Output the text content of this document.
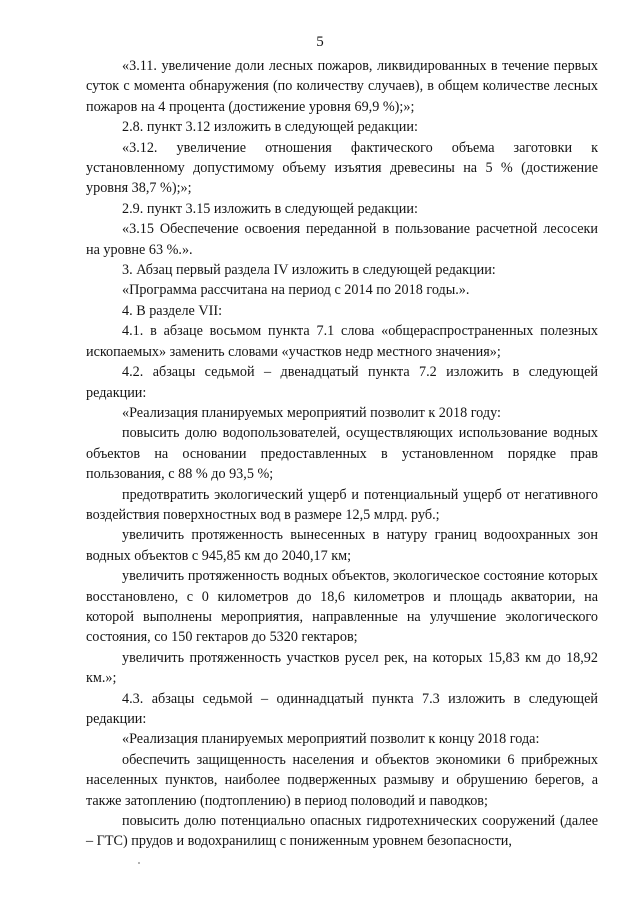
5

«3.11. увеличение доли лесных пожаров, ликвидированных в течение первых суток с момента обнаружения (по количеству случаев), в общем количестве лесных пожаров на 4 процента (достижение уровня 69,9 %);»;

2.8. пункт 3.12 изложить в следующей редакции:

«3.12. увеличение отношения фактического объема заготовки к установленному допустимому объему изъятия древесины на 5 % (достижение уровня 38,7 %);»;

2.9. пункт 3.15 изложить в следующей редакции:

«3.15 Обеспечение освоения переданной в пользование расчетной лесосеки на уровне 63 %.».

3. Абзац первый раздела IV изложить в следующей редакции:

«Программа рассчитана на период с 2014 по 2018 годы.».

4. В разделе VII:

4.1. в абзаце восьмом пункта 7.1 слова «общераспространенных полезных ископаемых» заменить словами «участков недр местного значения»;

4.2. абзацы седьмой – двенадцатый пункта 7.2 изложить в следующей редакции:

«Реализация планируемых мероприятий позволит к 2018 году:

повысить долю водопользователей, осуществляющих использование водных объектов на основании предоставленных в установленном порядке прав пользования, с 88 % до 93,5 %;

предотвратить экологический ущерб и потенциальный ущерб от негативного воздействия поверхностных вод в размере 12,5 млрд. руб.;

увеличить протяженность вынесенных в натуру границ водоохранных зон водных объектов с 945,85 км до 2040,17 км;

увеличить протяженность водных объектов, экологическое состояние которых восстановлено, с 0 километров до 18,6 километров и площадь акватории, на которой выполнены мероприятия, направленные на улучшение экологического состояния, со 150 гектаров до 5320 гектаров;

увеличить протяженность участков русел рек, на которых 15,83 км до 18,92 км.»;

4.3. абзацы седьмой – одиннадцатый пункта 7.3 изложить в следующей редакции:

«Реализация планируемых мероприятий позволит к концу 2018 года:

обеспечить защищенность населения и объектов экономики 6 прибрежных населенных пунктов, наиболее подверженных размыву и обрушению берегов, а также затоплению (подтоплению) в период половодий и паводков;

повысить долю потенциально опасных гидротехнических сооружений (далее – ГТС) прудов и водохранилищ с пониженным уровнем безопасности,
